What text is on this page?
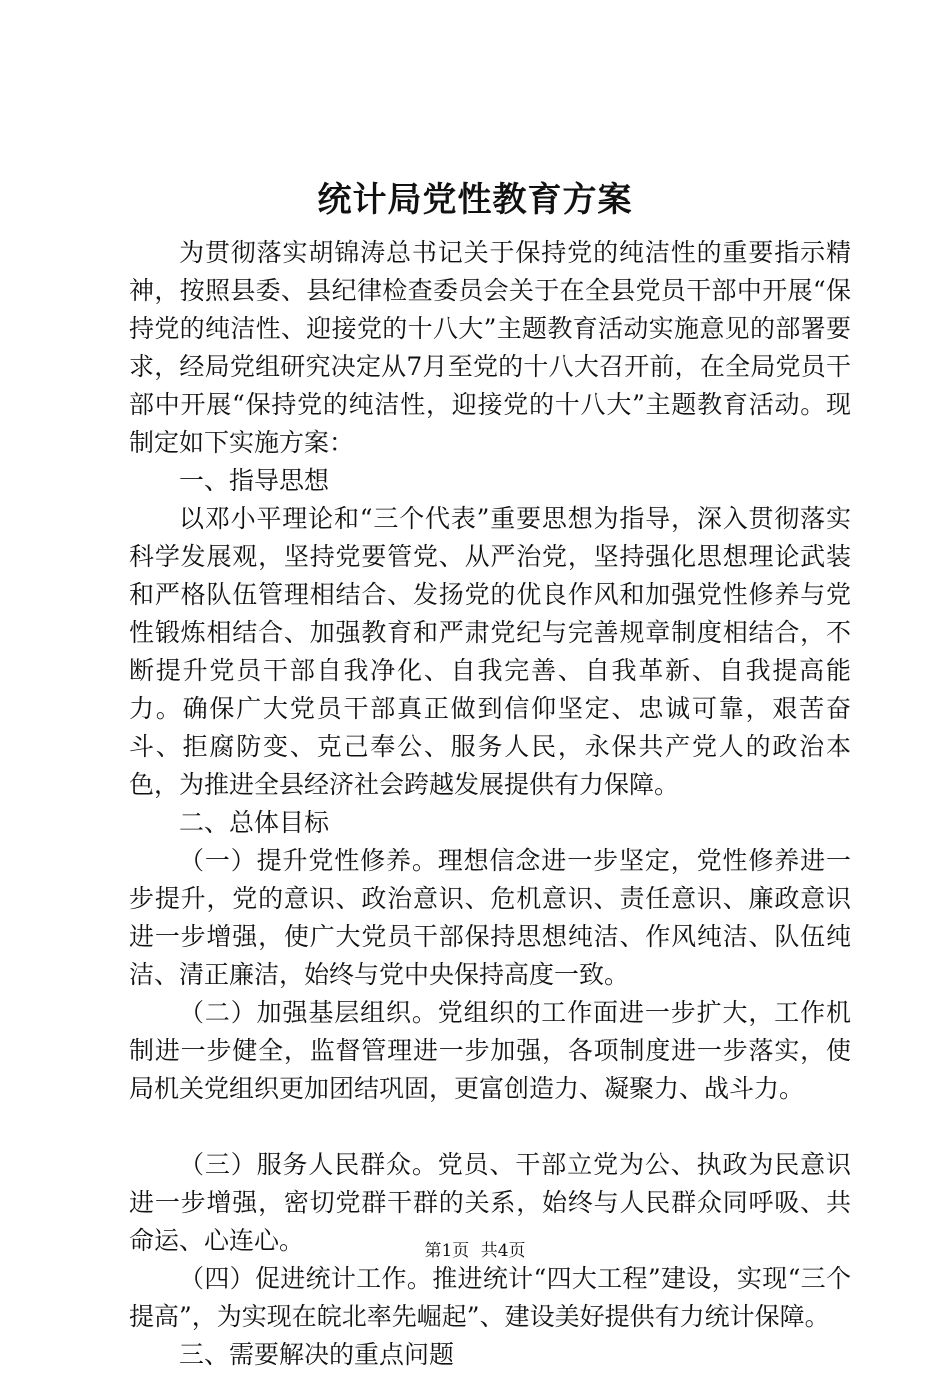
统计局党性教育方案

为贯彻落实胡锦涛总书记关于保持党的纯洁性的重要指示精神，按照县委、县纪律检查委员会关于在全县党员干部中开展“保持党的纯洁性、迎接党的十八大”主题教育活动实施意见的部署要求，经局党组研究决定从7月至党的十八大召开前，在全局党员干部中开展“保持党的纯洁性，迎接党的十八大”主题教育活动。现制定如下实施方案：

一、指导思想

以邓小平理论和“三个代表”重要思想为指导，深入贯彻落实科学发展观，坚持党要管党、从严治党，坚持强化思想理论武装和严格队伍管理相结合、发扬党的优良作风和加强党性修养与党性锻炼相结合、加强教育和严肃党纪与完善规章制度相结合，不断提升党员干部自我净化、自我完善、自我革新、自我提高能力。确保广大党员干部真正做到信仰坚定、忠诚可靠，艰苦奋斗、拒腐防变、克己奉公、服务人民，永保共产党人的政治本色，为推进全县经济社会跨越发展提供有力保障。

二、总体目标

（一）提升党性修养。理想信念进一步坚定，党性修养进一步提升，党的意识、政治意识、危机意识、责任意识、廉政意识进一步增强，使广大党员干部保持思想纯洁、作风纯洁、队伍纯洁、清正廉洁，始终与党中央保持高度一致。

（二）加强基层组织。党组织的工作面进一步扩大，工作机制进一步健全，监督管理进一步加强，各项制度进一步落实，使局机关党组织更加团结巩固，更富创造力、凝聚力、战斗力。

（三）服务人民群众。党员、干部立党为公、执政为民意识进一步增强，密切党群干群的关系，始终与人民群众同呼吸、共命运、心连心。

（四）促进统计工作。推进统计“四大工程”建设，实现“三个提高”，为实现在皖北率先崛起”、建设美好提供有力统计保障。

三、需要解决的重点问题

第1页 共4页
